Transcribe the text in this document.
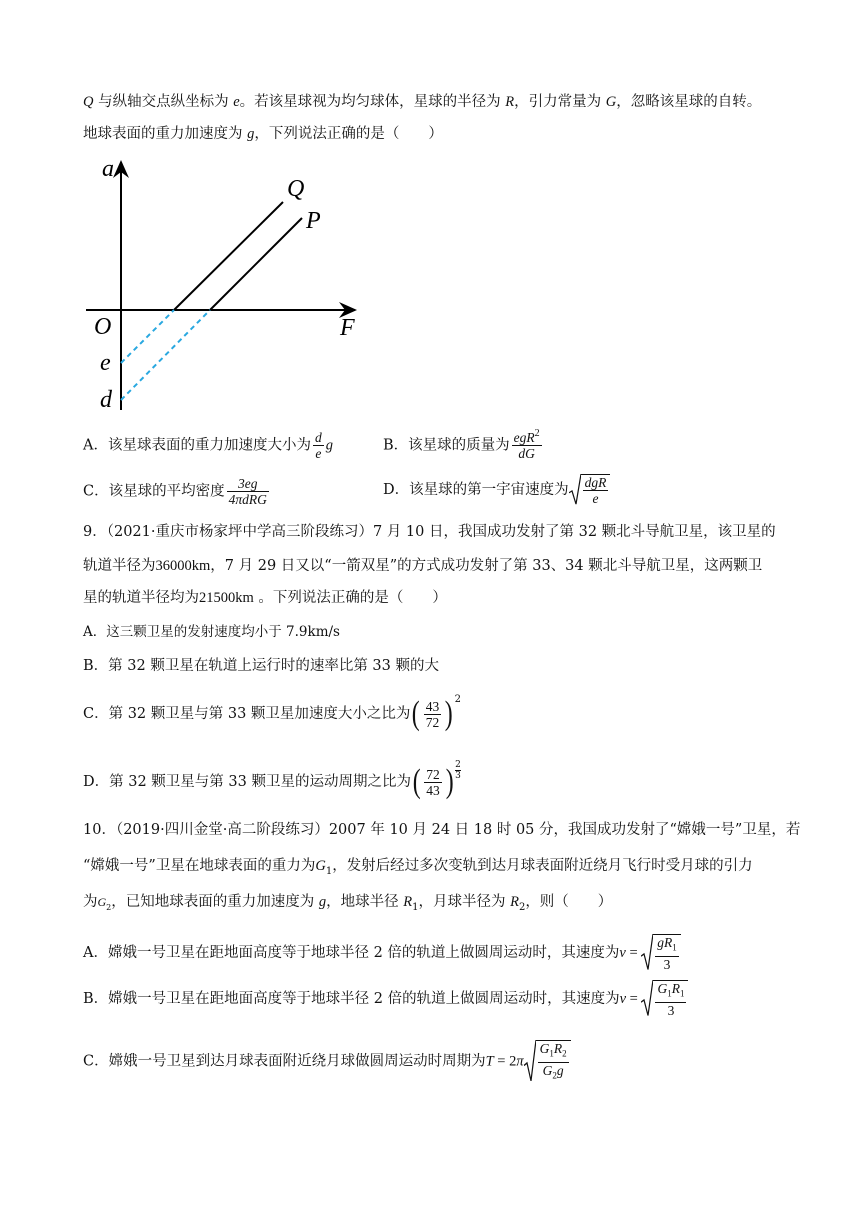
Q 与纵轴交点纵坐标为 e。若该星球视为均匀球体，星球的半径为 R，引力常量为 G，忽略该星球的自转。
地球表面的重力加速度为 g，下列说法正确的是（　　）
a
F
O
Q
P
e
d
A．该星球表面的重力加速度大小为 $\frac{d}{e}$ g	B．该星球的质量为 $\frac{egR^2}{dG}$
C．该星球的平均密度 $\frac{3eg}{\text{4πdRG}}$	D．该星球的第一宇宙速度为 $\frac{\text{dgR}}{e}$
9．（2021·重庆市杨家坪中学高三阶段练习）7 月 10 日，我国成功发射了第 32 颗北斗导航卫星，该卫星的
轨道半径为36000km，7 月 29 日又以“一箭双星”的方式成功发射了第 33、34 颗北斗导航卫星，这两颗卫
星的轨道半径均为21500km 。下列说法正确的是（　　）
A．这三颗卫星的发射速度均小于 7.9km/s
B．第 32 颗卫星在轨道上运行时的速率比第 33 颗的大
C．第 32 颗卫星与第 33 颗卫星加速度大小之比为( $\frac{43}{72}$ ) $^2$
D．第 32 颗卫星与第 33 颗卫星的运动周期之比为( $\frac{72}{43}$ ) $\frac{2}{3}$
10．（2019·四川金堂·高二阶段练习）2007 年 10 月 24 日 18 时 05 分，我国成功发射了“嫦娥一号”卫星，若
“嫦娥一号”卫星在地球表面的重力为$G_1$，发射后经过多次变轨到达月球表面附近绕月飞行时受月球的引力
为$G_2$，已知地球表面的重力加速度为 g，地球半径 $R_1$，月球半径为 $R_2$，则（　　）
A．嫦娥一号卫星在距地面高度等于地球半径 2 倍的轨道上做圆周运动时，其速度为$v = \frac{gR_1}{3}$
B．嫦娥一号卫星在距地面高度等于地球半径 2 倍的轨道上做圆周运动时，其速度为$v = \frac{G_1R_1}{3}$
C．嫦娥一号卫星到达月球表面附近绕月球做圆周运动时周期为$T = 2\pi \frac{G_1R_2}{G_2g}$
